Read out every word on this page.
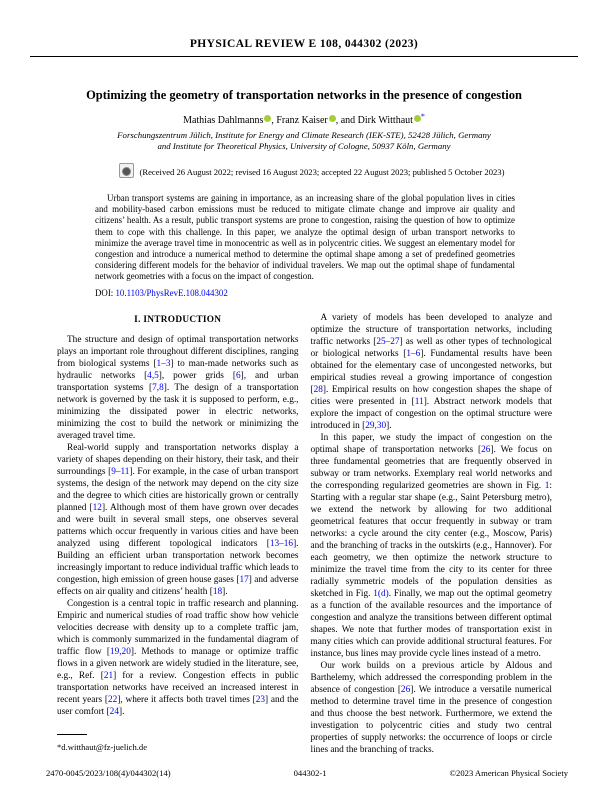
PHYSICAL REVIEW E 108, 044302 (2023)
Optimizing the geometry of transportation networks in the presence of congestion
Mathias Dahlmanns , Franz Kaiser , and Dirk Witthaut *
Forschungszentrum Jülich, Institute for Energy and Climate Research (IEK-STE), 52428 Jülich, Germany
and Institute for Theoretical Physics, University of Cologne, 50937 Köln, Germany
(Received 26 August 2022; revised 16 August 2023; accepted 22 August 2023; published 5 October 2023)
Urban transport systems are gaining in importance, as an increasing share of the global population lives in cities and mobility-based carbon emissions must be reduced to mitigate climate change and improve air quality and citizens’ health. As a result, public transport systems are prone to congestion, raising the question of how to optimize them to cope with this challenge. In this paper, we analyze the optimal design of urban transport networks to minimize the average travel time in monocentric as well as in polycentric cities. We suggest an elementary model for congestion and introduce a numerical method to determine the optimal shape among a set of predefined geometries considering different models for the behavior of individual travelers. We map out the optimal shape of fundamental network geometries with a focus on the impact of congestion.
DOI: 10.1103/PhysRevE.108.044302
I. INTRODUCTION

The structure and design of optimal transportation networks plays an important role throughout different disciplines, ranging from biological systems [1–3] to man-made networks such as hydraulic networks [4,5], power grids [6], and urban transportation systems [7,8]. The design of a transportation network is governed by the task it is supposed to perform, e.g., minimizing the dissipated power in electric networks, minimizing the cost to build the network or minimizing the averaged travel time.

Real-world supply and transportation networks display a variety of shapes depending on their history, their task, and their surroundings [9–11]. For example, in the case of urban transport systems, the design of the network may depend on the city size and the degree to which cities are historically grown or centrally planned [12]. Although most of them have grown over decades and were built in several small steps, one observes several patterns which occur frequently in various cities and have been analyzed using different topological indicators [13–16]. Building an efficient urban transportation network becomes increasingly important to reduce individual traffic which leads to congestion, high emission of green house gases [17] and adverse effects on air quality and citizens’ health [18].

Congestion is a central topic in traffic research and planning. Empiric and numerical studies of road traffic show how vehicle velocities decrease with density up to a complete traffic jam, which is commonly summarized in the fundamental diagram of traffic flow [19,20]. Methods to manage or optimize traffic flows in a given network are widely studied in the literature, see, e.g., Ref. [21] for a review. Congestion effects in public transportation networks have received an increased interest in recent years [22], where it affects both travel times [23] and the user comfort [24].

A variety of models has been developed to analyze and optimize the structure of transportation networks, including traffic networks [25–27] as well as other types of technological or biological networks [1–6]. Fundamental results have been obtained for the elementary case of uncongested networks, but empirical studies reveal a growing importance of congestion [28]. Empirical results on how congestion shapes the shape of cities were presented in [11]. Abstract network models that explore the impact of congestion on the optimal structure were introduced in [29,30].

In this paper, we study the impact of congestion on the optimal shape of transportation networks [26]. We focus on three fundamental geometries that are frequently observed in subway or tram networks. Exemplary real world networks and the corresponding regularized geometries are shown in Fig. 1: Starting with a regular star shape (e.g., Saint Petersburg metro), we extend the network by allowing for two additional geometrical features that occur frequently in subway or tram networks: a cycle around the city center (e.g., Moscow, Paris) and the branching of tracks in the outskirts (e.g., Hannover). For each geometry, we then optimize the network structure to minimize the travel time from the city to its center for three radially symmetric models of the population densities as sketched in Fig. 1(d). Finally, we map out the optimal geometry as a function of the available resources and the importance of congestion and analyze the transitions between different optimal shapes. We note that further modes of transportation exist in many cities which can provide additional structural features. For instance, bus lines may provide cycle lines instead of a metro.

Our work builds on a previous article by Aldous and Barthelemy, which addressed the corresponding problem in the absence of congestion [26]. We introduce a versatile numerical method to determine travel time in the presence of congestion and thus choose the best network. Furthermore, we extend the investigation to polycentric cities and study two central properties of supply networks: the occurrence of loops or circle lines and the branching of tracks.

*d.witthaut@fz-juelich.de
2470-0045/2023/108(4)/044302(14)	044302-1	©2023 American Physical Society
